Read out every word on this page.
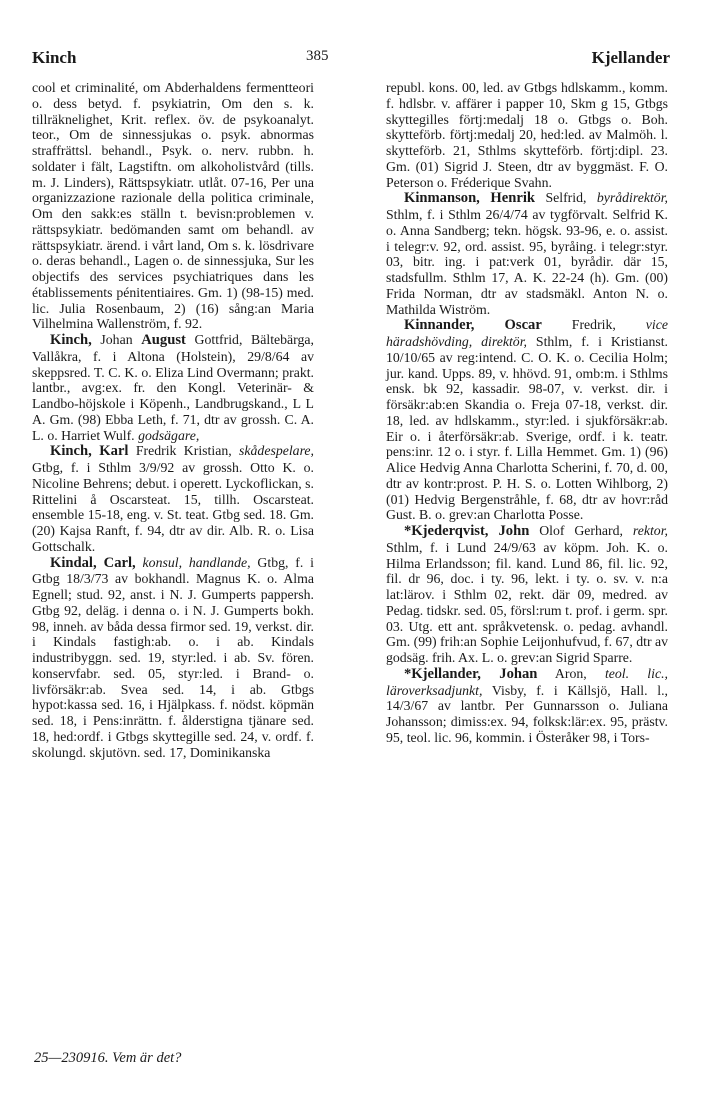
Kinch	385	Kjellander

cool et criminalité, om Abderhaldens fermentteori o. dess betyd. f. psykiatrin, Om den s. k. tillräknelighet, Krit. reflex. öv. de psykoanalyt. teor., Om de sinnessjukas o. psyk. abnormas straffrättsl. behandl., Psyk. o. nerv. rubbn. h. soldater i fält, Lagstiftn. om alkoholistvård (tills. m. J. Linders), Rättspsykiatr. utlåt. 07-16, Per una organizzazione razionale della politica criminale, Om den sakk:es ställn t. bevisn:problemen v. rättspsykiatr. bedömanden samt om behandl. av rättspsykiatr. ärend. i vårt land, Om s. k. lösdrivare o. deras behandl., Lagen o. de sinnessjuka, Sur les objectifs des services psychiatriques dans les établissements pénitentiaires. Gm. 1) (98-15) med. lic. Julia Rosenbaum, 2) (16) sång:an Maria Vilhelmina Wallenström, f. 92.

Kinch, Johan August Gottfrid, Bältebärga, Vallåkra, f. i Altona (Holstein), 29/8/64 av skeppsred. T. C. K. o. Eliza Lind Overmann; prakt. lantbr., avg:ex. fr. den Kongl. Veterinär- & Landbo-höjskole i Köpenh., Landbrugskand., L L A. Gm. (98) Ebba Leth, f. 71, dtr av grossh. C. A. L. o. Harriet Wulf. godsägare,

Kinch, Karl Fredrik Kristian, skådespelare, Gtbg, f. i Sthlm 3/9/92 av grossh. Otto K. o. Nicoline Behrens; debut. i operett. Lyckoflickan, s. Rittelini å Oscarsteat. 15, tillh. Oscarsteat. ensemble 15-18, eng. v. St. teat. Gtbg sed. 18. Gm. (20) Kajsa Ranft, f. 94, dtr av dir. Alb. R. o. Lisa Gottschalk.

Kindal, Carl, konsul, handlande, Gtbg, f. i Gtbg 18/3/73 av bokhandl. Magnus K. o. Alma Egnell; stud. 92, anst. i N. J. Gumperts pappersh. Gtbg 92, deläg. i denna o. i N. J. Gumperts bokh. 98, inneh. av båda dessa firmor sed. 19, verkst. dir. i Kindals fastigh:ab. o. i ab. Kindals industribyggn. sed. 19, styr:led. i ab. Sv. fören. konservfabr. sed. 05, styr:led. i Brand- o. livförsäkr:ab. Svea sed. 14, i ab. Gtbgs hypot:kassa sed. 16, i Hjälpkass. f. nödst. köpmän sed. 18, i Pens:inrättn. f. ålderstigna tjänare sed. 18, hed:ordf. i Gtbgs skyttegille sed. 24, v. ordf. f. skolungd. skjutövn. sed. 17, Dominikanska

republ. kons. 00, led. av Gtbgs hdlskamm., komm. f. hdlsbr. v. affärer i papper 10, Skm g 15, Gtbgs skyttegilles förtj:medalj 18 o. Gtbgs o. Boh. skytteförb. förtj:medalj 20, hed:led. av Malmöh. l. skytteförb. 21, Sthlms skytteförb. förtj:dipl. 23. Gm. (01) Sigrid J. Steen, dtr av byggmäst. F. O. Peterson o. Fréderique Svahn.

Kinmanson, Henrik Selfrid, byrådirektör, Sthlm, f. i Sthlm 26/4/74 av tygförvalt. Selfrid K. o. Anna Sandberg; tekn. högsk. 93-96, e. o. assist. i telegr:v. 92, ord. assist. 95, byråing. i telegr:styr. 03, bitr. ing. i pat:verk 01, byrådir. där 15, stadsfullm. Sthlm 17, A. K. 22-24 (h). Gm. (00) Frida Norman, dtr av stadsmäkl. Anton N. o. Mathilda Wiström.

Kinnander, Oscar Fredrik, vice häradshövding, direktör, Sthlm, f. i Kristianst. 10/10/65 av reg:intend. C. O. K. o. Cecilia Holm; jur. kand. Upps. 89, v. hhövd. 91, omb:m. i Sthlms ensk. bk 92, kassadir. 98-07, v. verkst. dir. i försäkr:ab:en Skandia o. Freja 07-18, verkst. dir. 18, led. av hdlskamm., styr:led. i sjukförsäkr:ab. Eir o. i återförsäkr:ab. Sverige, ordf. i k. teatr. pens:inr. 12 o. i styr. f. Lilla Hemmet. Gm. 1) (96) Alice Hedvig Anna Charlotta Scherini, f. 70, d. 00, dtr av kontr:prost. P. H. S. o. Lotten Wihlborg, 2) (01) Hedvig Bergenstråhle, f. 68, dtr av hovr:råd Gust. B. o. grev:an Charlotta Posse.

*Kjederqvist, John Olof Gerhard, rektor, Sthlm, f. i Lund 24/9/63 av köpm. Joh. K. o. Hilma Erlandsson; fil. kand. Lund 86, fil. lic. 92, fil. dr 96, doc. i ty. 96, lekt. i ty. o. sv. v. n:a lat:lärov. i Sthlm 02, rekt. där 09, medred. av Pedag. tidskr. sed. 05, försl:rum t. prof. i germ. spr. 03. Utg. ett ant. språkvetensk. o. pedag. avhandl. Gm. (99) frih:an Sophie Leijonhufvud, f. 67, dtr av godsäg. frih. Ax. L. o. grev:an Sigrid Sparre.

*Kjellander, Johan Aron, teol. lic., läroverksadjunkt, Visby, f. i Källsjö, Hall. l., 14/3/67 av lantbr. Per Gunnarsson o. Juliana Johansson; dimiss:ex. 94, folksk:lär:ex. 95, prästv. 95, teol. lic. 96, kommin. i Österåker 98, i Tors-

25—230916. Vem är det?
